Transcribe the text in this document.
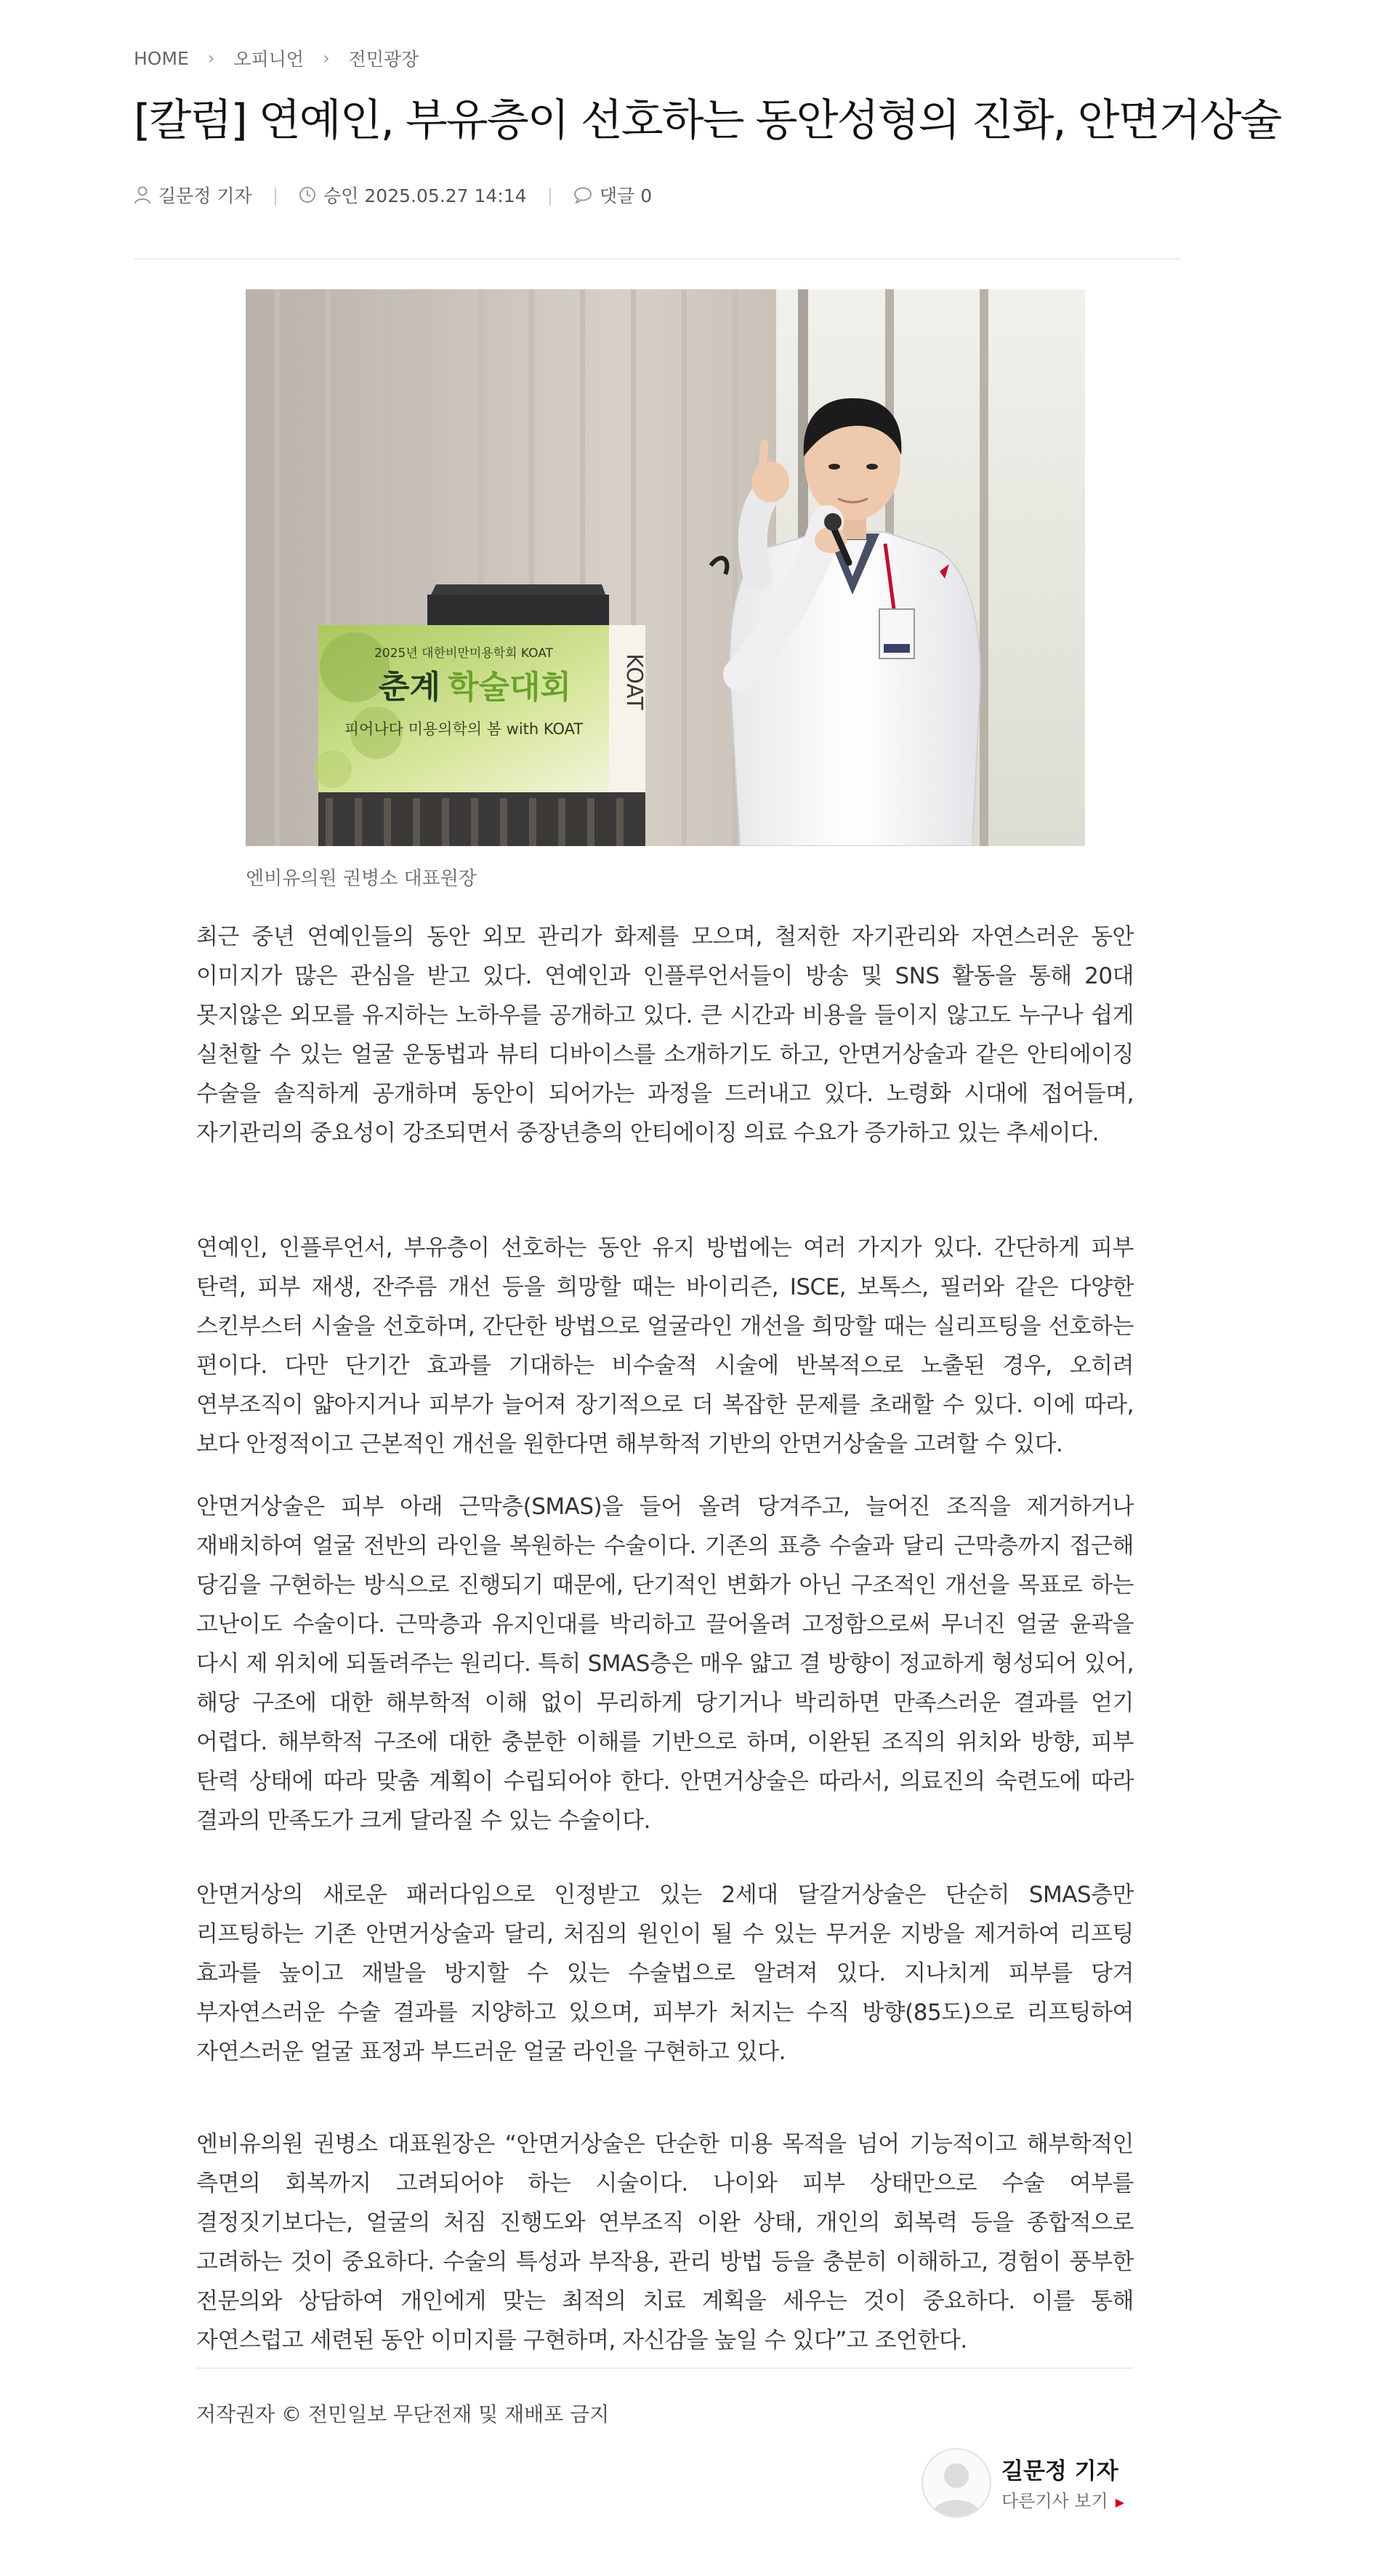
HOME › 오피니언 › 전민광장
[칼럼] 연예인, 부유층이 선호하는 동안성형의 진화, 안면거상술
길문정 기자 | 승인 2025.05.27 14:14 |	댓글 0
KOAT
2025년 대한비만미용학회 KOAT
춘계 학술대회
피어나다 미용의학의 봄 with KOAT
엔비유의원 권병소 대표원장

최근 중년 연예인들의 동안 외모 관리가 화제를 모으며, 철저한 자기관리와 자연스러운 동안 이미지가 많은 관심을 받고 있다. 연예인과 인플루언서들이 방송 및 SNS 활동을 통해 20대 못지않은 외모를 유지하는 노하우를 공개하고 있다. 큰 시간과 비용을 들이지 않고도 누구나 쉽게 실천할 수 있는 얼굴 운동법과 뷰티 디바이스를 소개하기도 하고, 안면거상술과 같은 안티에이징 수술을 솔직하게 공개하며 동안이 되어가는 과정을 드러내고 있다. 노령화 시대에 접어들며, 자기관리의 중요성이 강조되면서 중장년층의 안티에이징 의료 수요가 증가하고 있는 추세이다.

연예인, 인플루언서, 부유층이 선호하는 동안 유지 방법에는 여러 가지가 있다. 간단하게 피부 탄력, 피부 재생, 잔주름 개선 등을 희망할 때는 바이리즌, ISCE, 보톡스, 필러와 같은 다양한 스킨부스터 시술을 선호하며, 간단한 방법으로 얼굴라인 개선을 희망할 때는 실리프팅을 선호하는 편이다. 다만 단기간 효과를 기대하는 비수술적 시술에 반복적으로 노출된 경우, 오히려 연부조직이 얇아지거나 피부가 늘어져 장기적으로 더 복잡한 문제를 초래할 수 있다. 이에 따라, 보다 안정적이고 근본적인 개선을 원한다면 해부학적 기반의 안면거상술을 고려할 수 있다.

안면거상술은 피부 아래 근막층(SMAS)을 들어 올려 당겨주고, 늘어진 조직을 제거하거나 재배치하여 얼굴 전반의 라인을 복원하는 수술이다. 기존의 표층 수술과 달리 근막층까지 접근해 당김을 구현하는 방식으로 진행되기 때문에, 단기적인 변화가 아닌 구조적인 개선을 목표로 하는 고난이도 수술이다. 근막층과 유지인대를 박리하고 끌어올려 고정함으로써 무너진 얼굴 윤곽을 다시 제 위치에 되돌려주는 원리다. 특히 SMAS층은 매우 얇고 결 방향이 정교하게 형성되어 있어, 해당 구조에 대한 해부학적 이해 없이 무리하게 당기거나 박리하면 만족스러운 결과를 얻기 어렵다. 해부학적 구조에 대한 충분한 이해를 기반으로 하며, 이완된 조직의 위치와 방향, 피부 탄력 상태에 따라 맞춤 계획이 수립되어야 한다. 안면거상술은 따라서, 의료진의 숙련도에 따라 결과의 만족도가 크게 달라질 수 있는 수술이다.

안면거상의 새로운 패러다임으로 인정받고 있는 2세대 달갈거상술은 단순히 SMAS층만 리프팅하는 기존 안면거상술과 달리, 처짐의 원인이 될 수 있는 무거운 지방을 제거하여 리프팅 효과를 높이고 재발을 방지할 수 있는 수술법으로 알려져 있다. 지나치게 피부를 당겨 부자연스러운 수술 결과를 지양하고 있으며, 피부가 처지는 수직 방향(85도)으로 리프팅하여 자연스러운 얼굴 표정과 부드러운 얼굴 라인을 구현하고 있다.

엔비유의원 권병소 대표원장은 “안면거상술은 단순한 미용 목적을 넘어 기능적이고 해부학적인 측면의 회복까지 고려되어야 하는 시술이다. 나이와 피부 상태만으로 수술 여부를 결정짓기보다는, 얼굴의 처짐 진행도와 연부조직 이완 상태, 개인의 회복력 등을 종합적으로 고려하는 것이 중요하다. 수술의 특성과 부작용, 관리 방법 등을 충분히 이해하고, 경험이 풍부한 전문의와 상담하여 개인에게 맞는 최적의 치료 계획을 세우는 것이 중요하다. 이를 통해 자연스럽고 세련된 동안 이미지를 구현하며, 자신감을 높일 수 있다”고 조언한다.

저작권자 © 전민일보 무단전재 및 재배포 금지
길문정 기자
다른기사 보기 ▶
